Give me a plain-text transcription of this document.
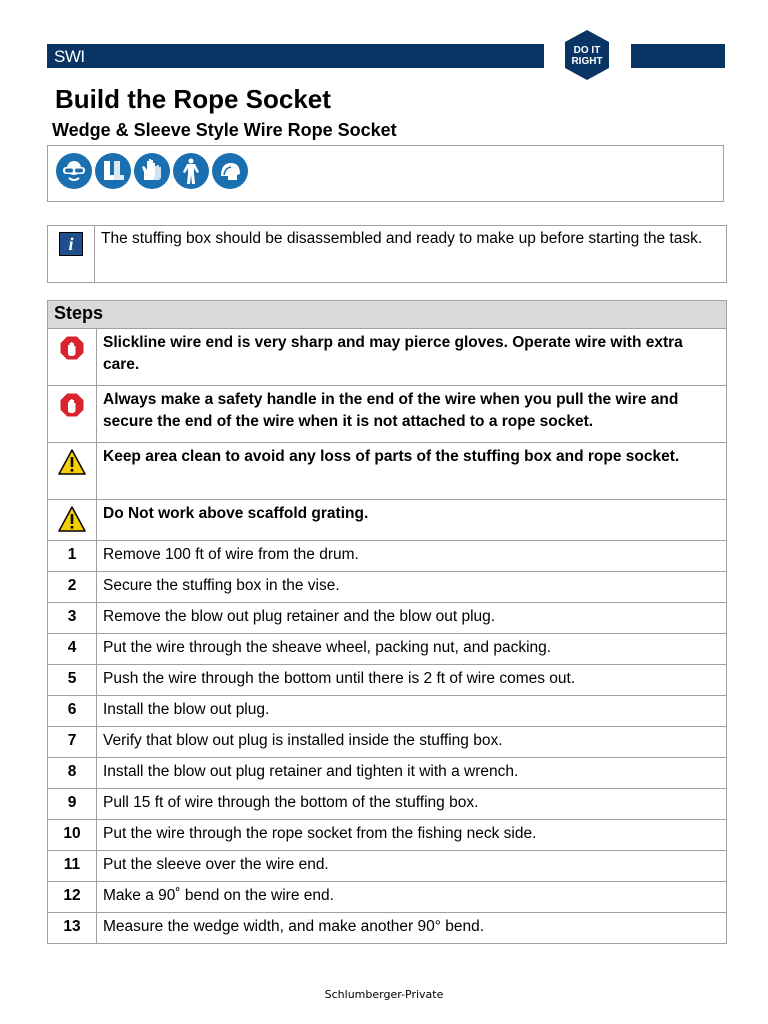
SWI	DO IT
RIGHT
Build the Rope Socket
Wedge & Sleeve Style Wire Rope Socket
i	The stuffing box should be disassembled and ready to make up before starting the task.
Steps	
	Slickline wire end is very sharp and may pierce gloves. Operate wire with extra care.
	Always make a safety handle in the end of the wire when you pull the wire and secure the end of the wire when it is not attached to a rope socket.
	Keep area clean to avoid any loss of parts of the stuffing box and rope socket.
	Do Not work above scaffold grating.
1	Remove 100 ft of wire from the drum.
2	Secure the stuffing box in the vise.
3	Remove the blow out plug retainer and the blow out plug.
4	Put the wire through the sheave wheel, packing nut, and packing.
5	Push the wire through the bottom until there is 2 ft of wire comes out.
6	Install the blow out plug.
7	Verify that blow out plug is installed inside the stuffing box.
8	Install the blow out plug retainer and tighten it with a wrench.
9	Pull 15 ft of wire through the bottom of the stuffing box.
10	Put the wire through the rope socket from the fishing neck side.
11	Put the sleeve over the wire end.
12	Make a 90˚ bend on the wire end.
13	Measure the wedge width, and make another 90° bend.
Schlumberger-Private
